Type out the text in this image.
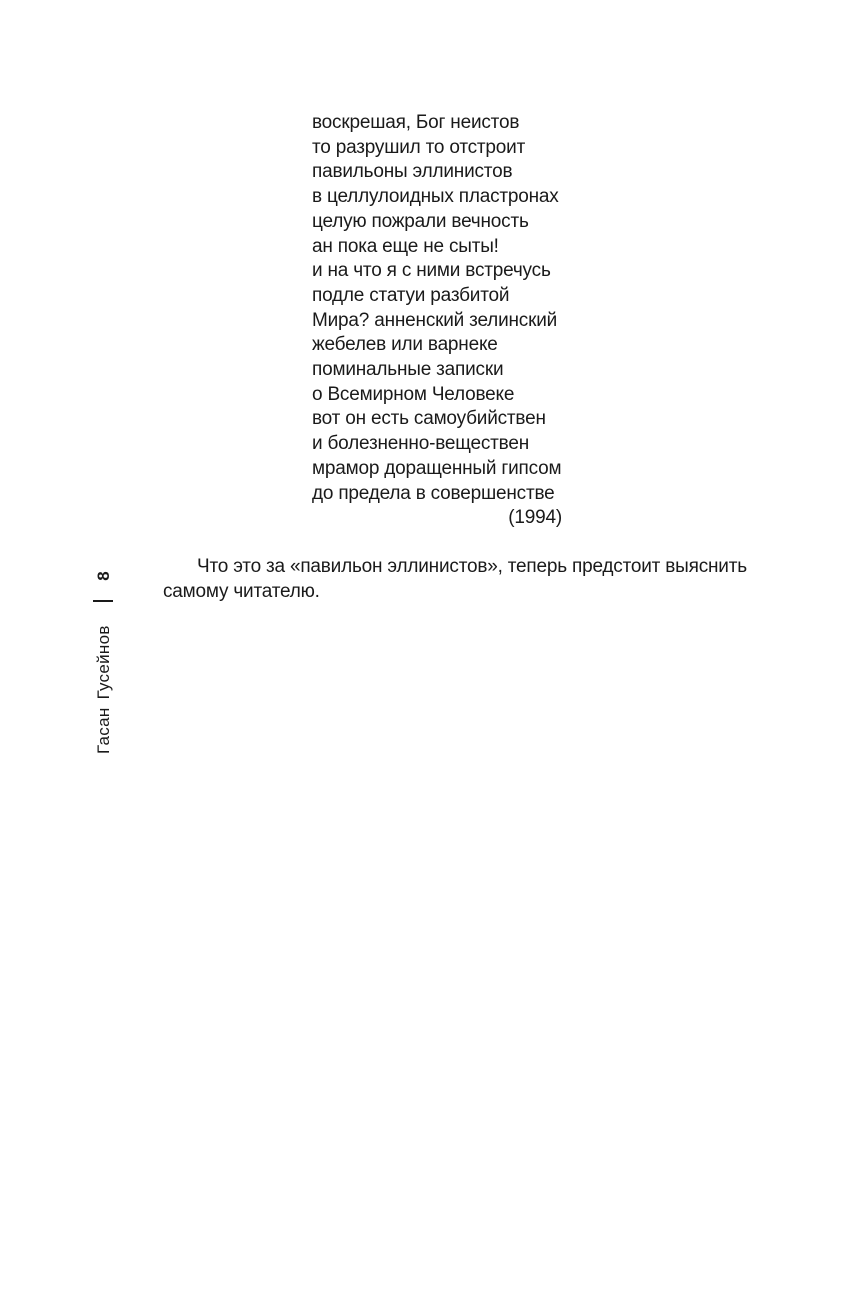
воскрешая, Бог неистов
то разрушил то отстроит
павильоны эллинистов
в целлулоидных пластронах
целую пожрали вечность
ан пока еще не сыты!
и на что я с ними встречусь
подле статуи разбитой
Мира? анненский зелинский
жебелев или варнеке
поминальные записки
о Всемирном Человеке
вот он есть самоубийствен
и болезненно-веществен
мрамор доращенный гипсом
до предела в совершенстве
(1994)

Что это за «павильон эллинистов», теперь предстоит выяснить самому читателю.

8
Гасан Гусейнов
